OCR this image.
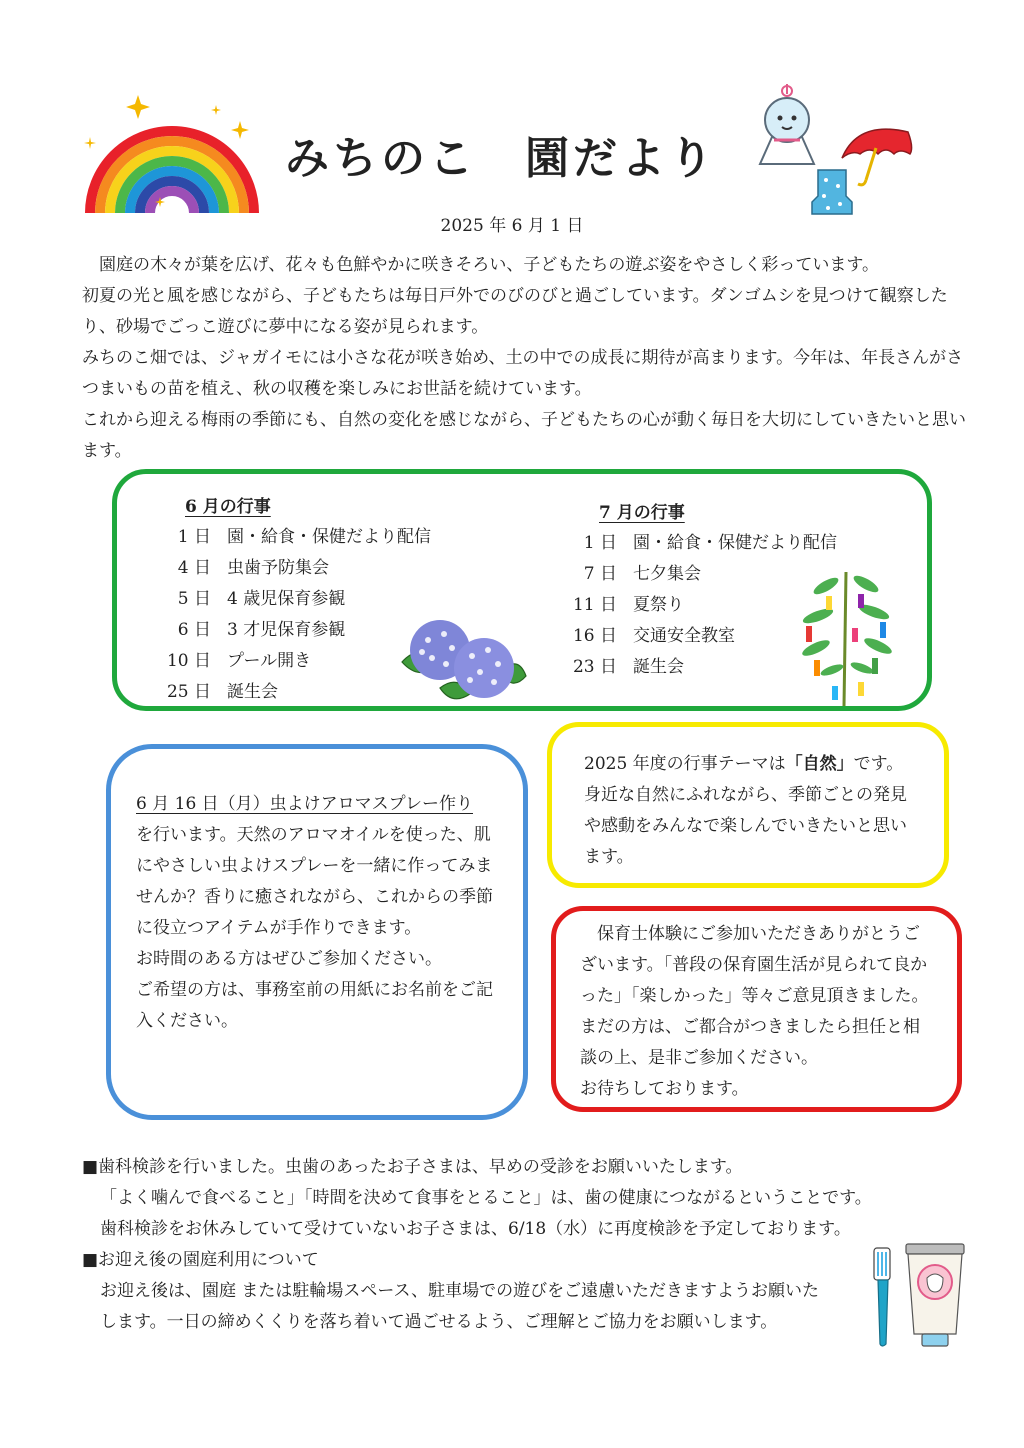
みちのこ　園だより
2025 年 6 月 1 日

　園庭の木々が葉を広げ、花々も色鮮やかに咲きそろい、子どもたちの遊ぶ姿をやさしく彩っています。

初夏の光と風を感じながら、子どもたちは毎日戸外でのびのびと過ごしています。ダンゴムシを見つけて観察したり、砂場でごっこ遊びに夢中になる姿が見られます。

みちのこ畑では、ジャガイモには小さな花が咲き始め、土の中での成長に期待が高まります。今年は、年長さんがさつまいもの苗を植え、秋の収穫を楽しみにお世話を続けています。

これから迎える梅雨の季節にも、自然の変化を感じながら、子どもたちの心が動く毎日を大切にしていきたいと思います。

6 月の行事
1 日 園・給食・保健だより配信
4 日 虫歯予防集会
5 日 4 歳児保育参観
6 日 3 才児保育参観
10 日 プール開き
25 日 誕生会
7 月の行事
1 日 園・給食・保健だより配信
7 日 七夕集会
11 日 夏祭り
16 日 交通安全教室
23 日 誕生会

6 月 16 日（月）虫よけアロマスプレー作り

を行います。天然のアロマオイルを使った、肌にやさしい虫よけスプレーを一緒に作ってみませんか？香りに癒されながら、これからの季節に役立つアイテムが手作りできます。

お時間のある方はぜひご参加ください。

ご希望の方は、事務室前の用紙にお名前をご記入ください。

2025 年度の行事テーマは「自然」です。身近な自然にふれながら、季節ごとの発見や感動をみんなで楽しんでいきたいと思います。

　保育士体験にご参加いただきありがとうございます。「普段の保育園生活が見られて良かった」「楽しかった」等々ご意見頂きました。まだの方は、ご都合がつきましたら担任と相談の上、是非ご参加ください。

お待ちしております。

■歯科検診を行いました。虫歯のあったお子さまは、早めの受診をお願いいたします。

「よく噛んで食べること」「時間を決めて食事をとること」は、歯の健康につながるということです。

歯科検診をお休みしていて受けていないお子さまは、6/18（水）に再度検診を予定しております。

■お迎え後の園庭利用について

お迎え後は、園庭 または駐輪場スペース、駐車場での遊びをご遠慮いただきますようお願いた

します。一日の締めくくりを落ち着いて過ごせるよう、ご理解とご協力をお願いします。
